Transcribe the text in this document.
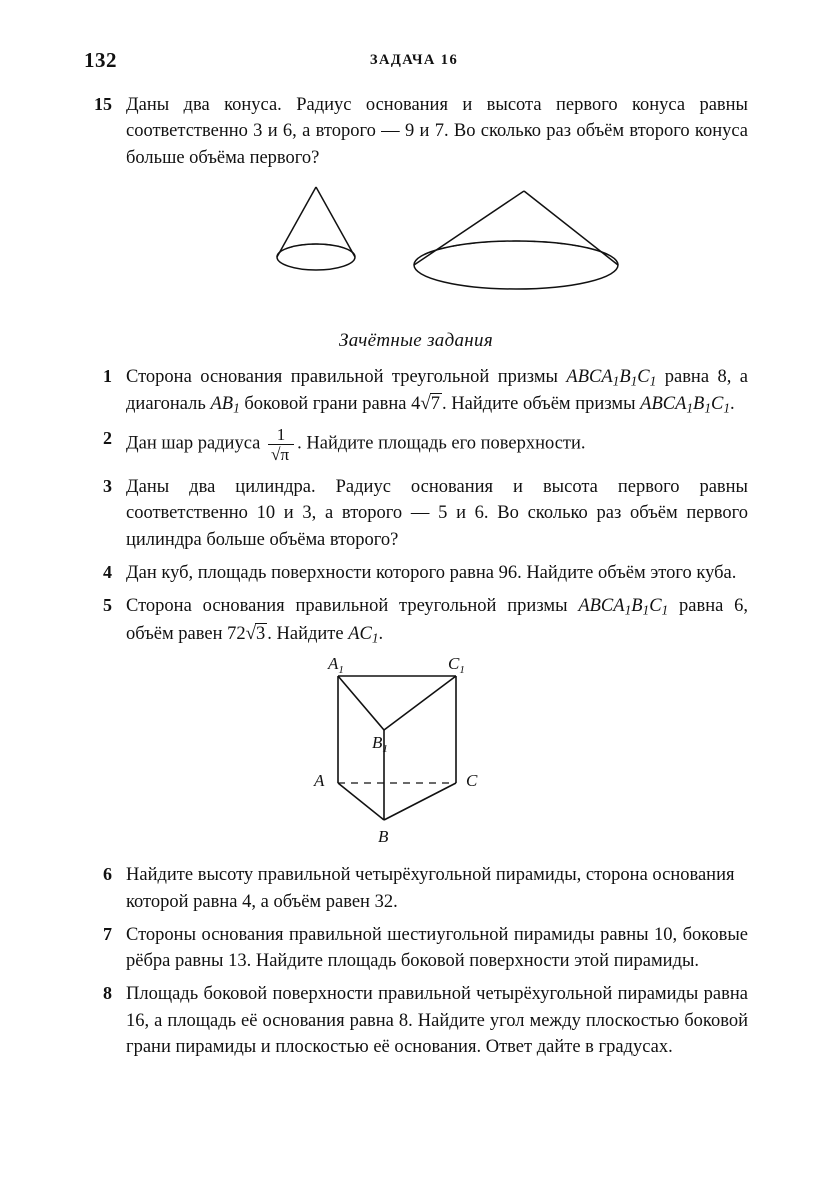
132	ЗАДАЧА 16
15 Даны два конуса. Радиус основания и высота первого конуса равны соответственно 3 и 6, а второго — 9 и 7. Во сколько раз объём второго конуса больше объёма первого?
Зачётные задания
1 Сторона основания правильной треугольной призмы $ABCA_1B_1C_1$ равна 8, а диагональ $AB_1$ боковой грани равна 4√7 . Найдите объём призмы $ABCA_1B_1C_1$.
2 Дан шар радиуса $\frac{1}{√\pi}$ . Найдите площадь его поверхности.
3 Даны два цилиндра. Радиус основания и высота первого равны соответственно 10 и 3, а второго — 5 и 6. Во сколько раз объём первого цилиндра больше объёма второго?
4 Дан куб, площадь поверхности которого равна 96. Найдите объём этого куба.
5 Сторона основания правильной треугольной призмы $ABCA_1B_1C_1$ равна 6, объём равен 72√3 . Найдите $AC_1$.
$A_1$	$C_1$
$B_1$
A	C
B
6 Найдите высоту правильной четырёхугольной пирамиды, сторона основания которой равна 4, а объём равен 32.
7 Стороны основания правильной шестиугольной пирамиды равны 10, боковые рёбра равны 13. Найдите площадь боковой поверхности этой пирамиды.
8 Площадь боковой поверхности правильной четырёхугольной пирамиды равна 16, а площадь её основания равна 8. Найдите угол между плоскостью боковой грани пирамиды и плоскостью её основания. Ответ дайте в градусах.
